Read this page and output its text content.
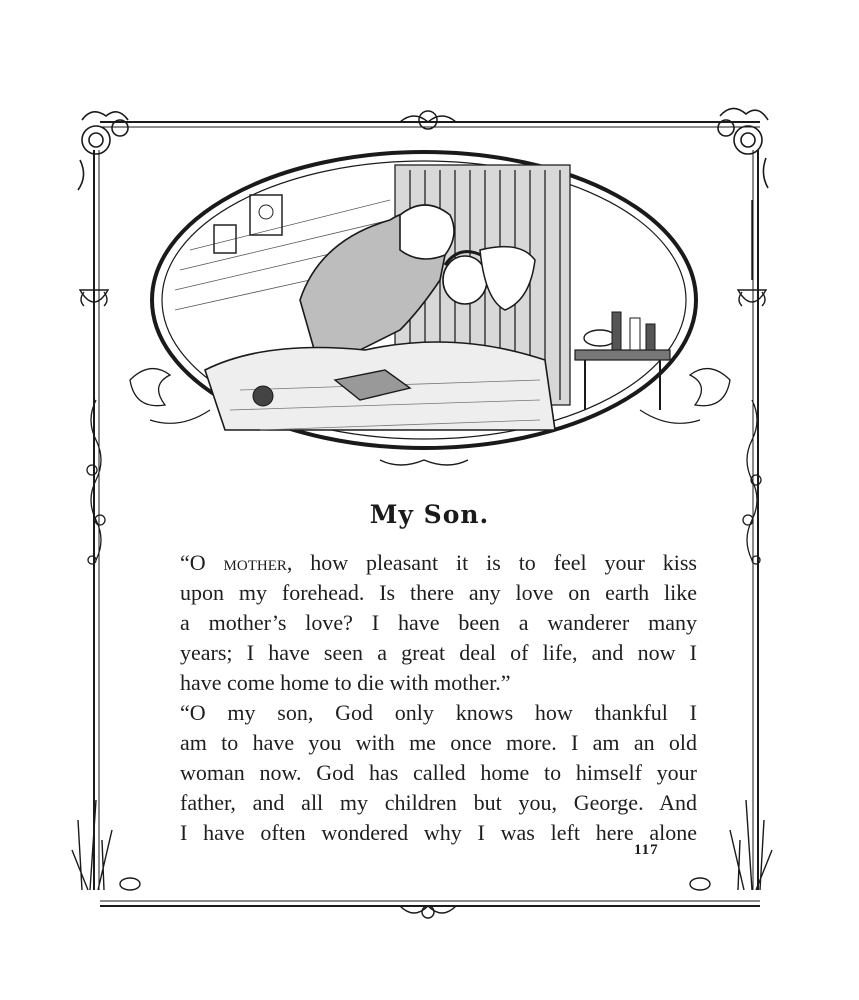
My Son.

“O mother, how pleasant it is to feel your kiss
upon my forehead. Is there any love on earth like
a mother’s love? I have been a wanderer many
years; I have seen a great deal of life, and now I
have come home to die with mother.”

“O my son, God only knows how thankful I
am to have you with me once more. I am an old
woman now. God has called home to himself your
father, and all my children but you, George. And
I have often wondered why I was left here alone

117
